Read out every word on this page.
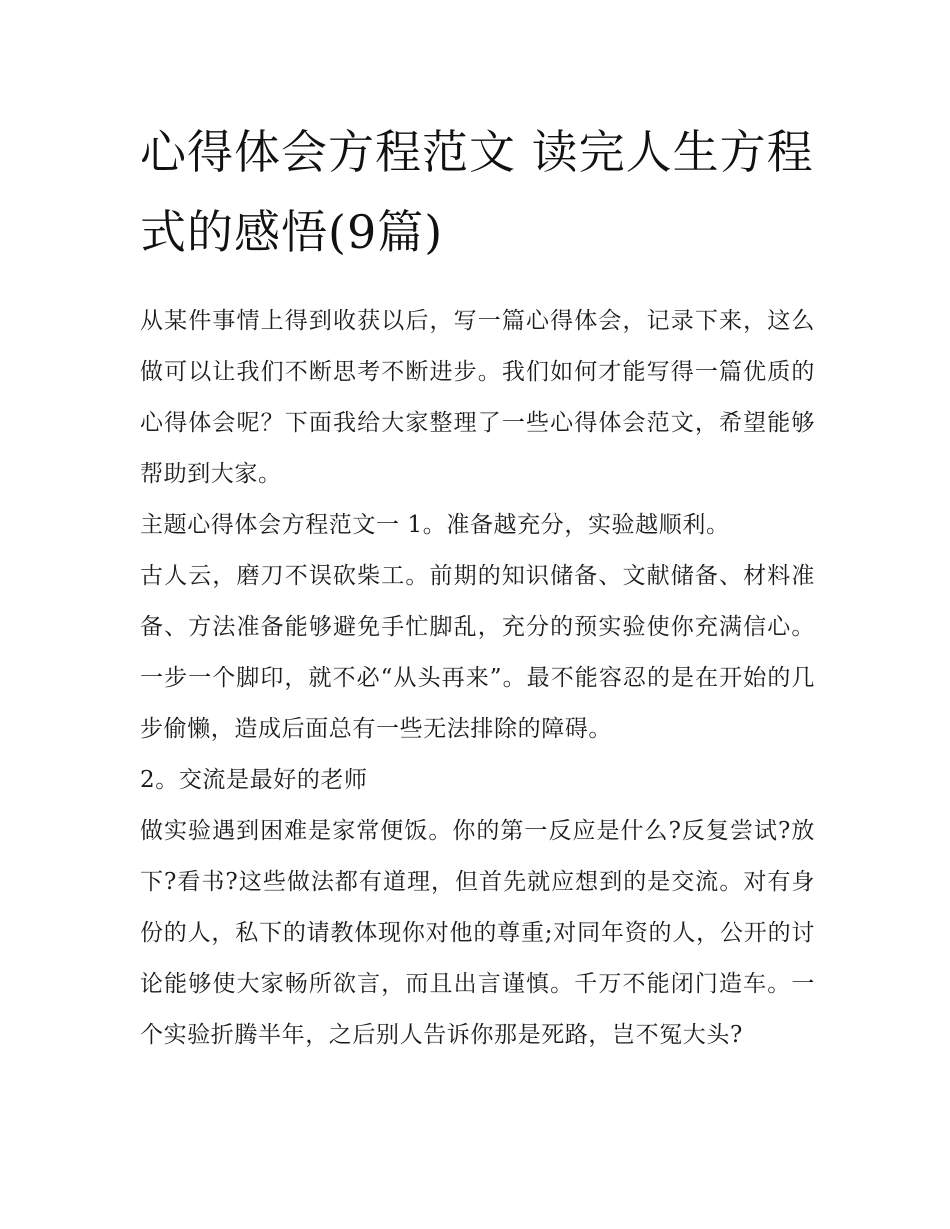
心得体会方程范文 读完人生方程式的感悟(9篇)

从某件事情上得到收获以后，写一篇心得体会，记录下来，这么做可以让我们不断思考不断进步。我们如何才能写得一篇优质的心得体会呢？下面我给大家整理了一些心得体会范文，希望能够帮助到大家。

主题心得体会方程范文一 1。准备越充分，实验越顺利。

古人云，磨刀不误砍柴工。前期的知识储备、文献储备、材料准备、方法准备能够避免手忙脚乱，充分的预实验使你充满信心。一步一个脚印，就不必“从头再来”。最不能容忍的是在开始的几步偷懒，造成后面总有一些无法排除的障碍。

2。交流是最好的老师

做实验遇到困难是家常便饭。你的第一反应是什么?反复尝试?放下?看书?这些做法都有道理，但首先就应想到的是交流。对有身份的人，私下的请教体现你对他的尊重;对同年资的人，公开的讨论能够使大家畅所欲言，而且出言谨慎。千万不能闭门造车。一个实验折腾半年，之后别人告诉你那是死路，岂不冤大头?
